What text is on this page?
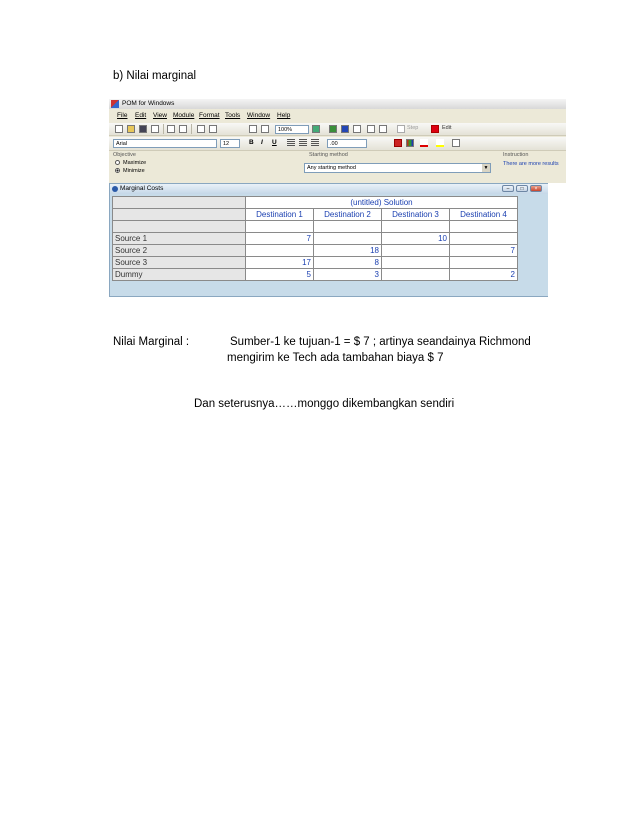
b) Nilai marginal
POM for Windows
File Edit View Module Format Tools Window Help
100%	Step	Edit
Arial	12	B I U	.00
Objective
Maximize
Minimize
Starting method
Any starting method	▼
Instruction
There are more results
Marginal Costs	–	□	×
	(untitled) Solution			
	Destination 1	Destination 2	Destination 3	Destination 4

Source 1	7		10	
Source 2		18		7
Source 3	17	8		
Dummy	5	3		2
Nilai Marginal :	Sumber-1 ke tujuan-1 = $ 7 ; artinya seandainya Richmond
mengirim ke Tech ada tambahan biaya $ 7
Dan seterusnya……monggo dikembangkan sendiri
